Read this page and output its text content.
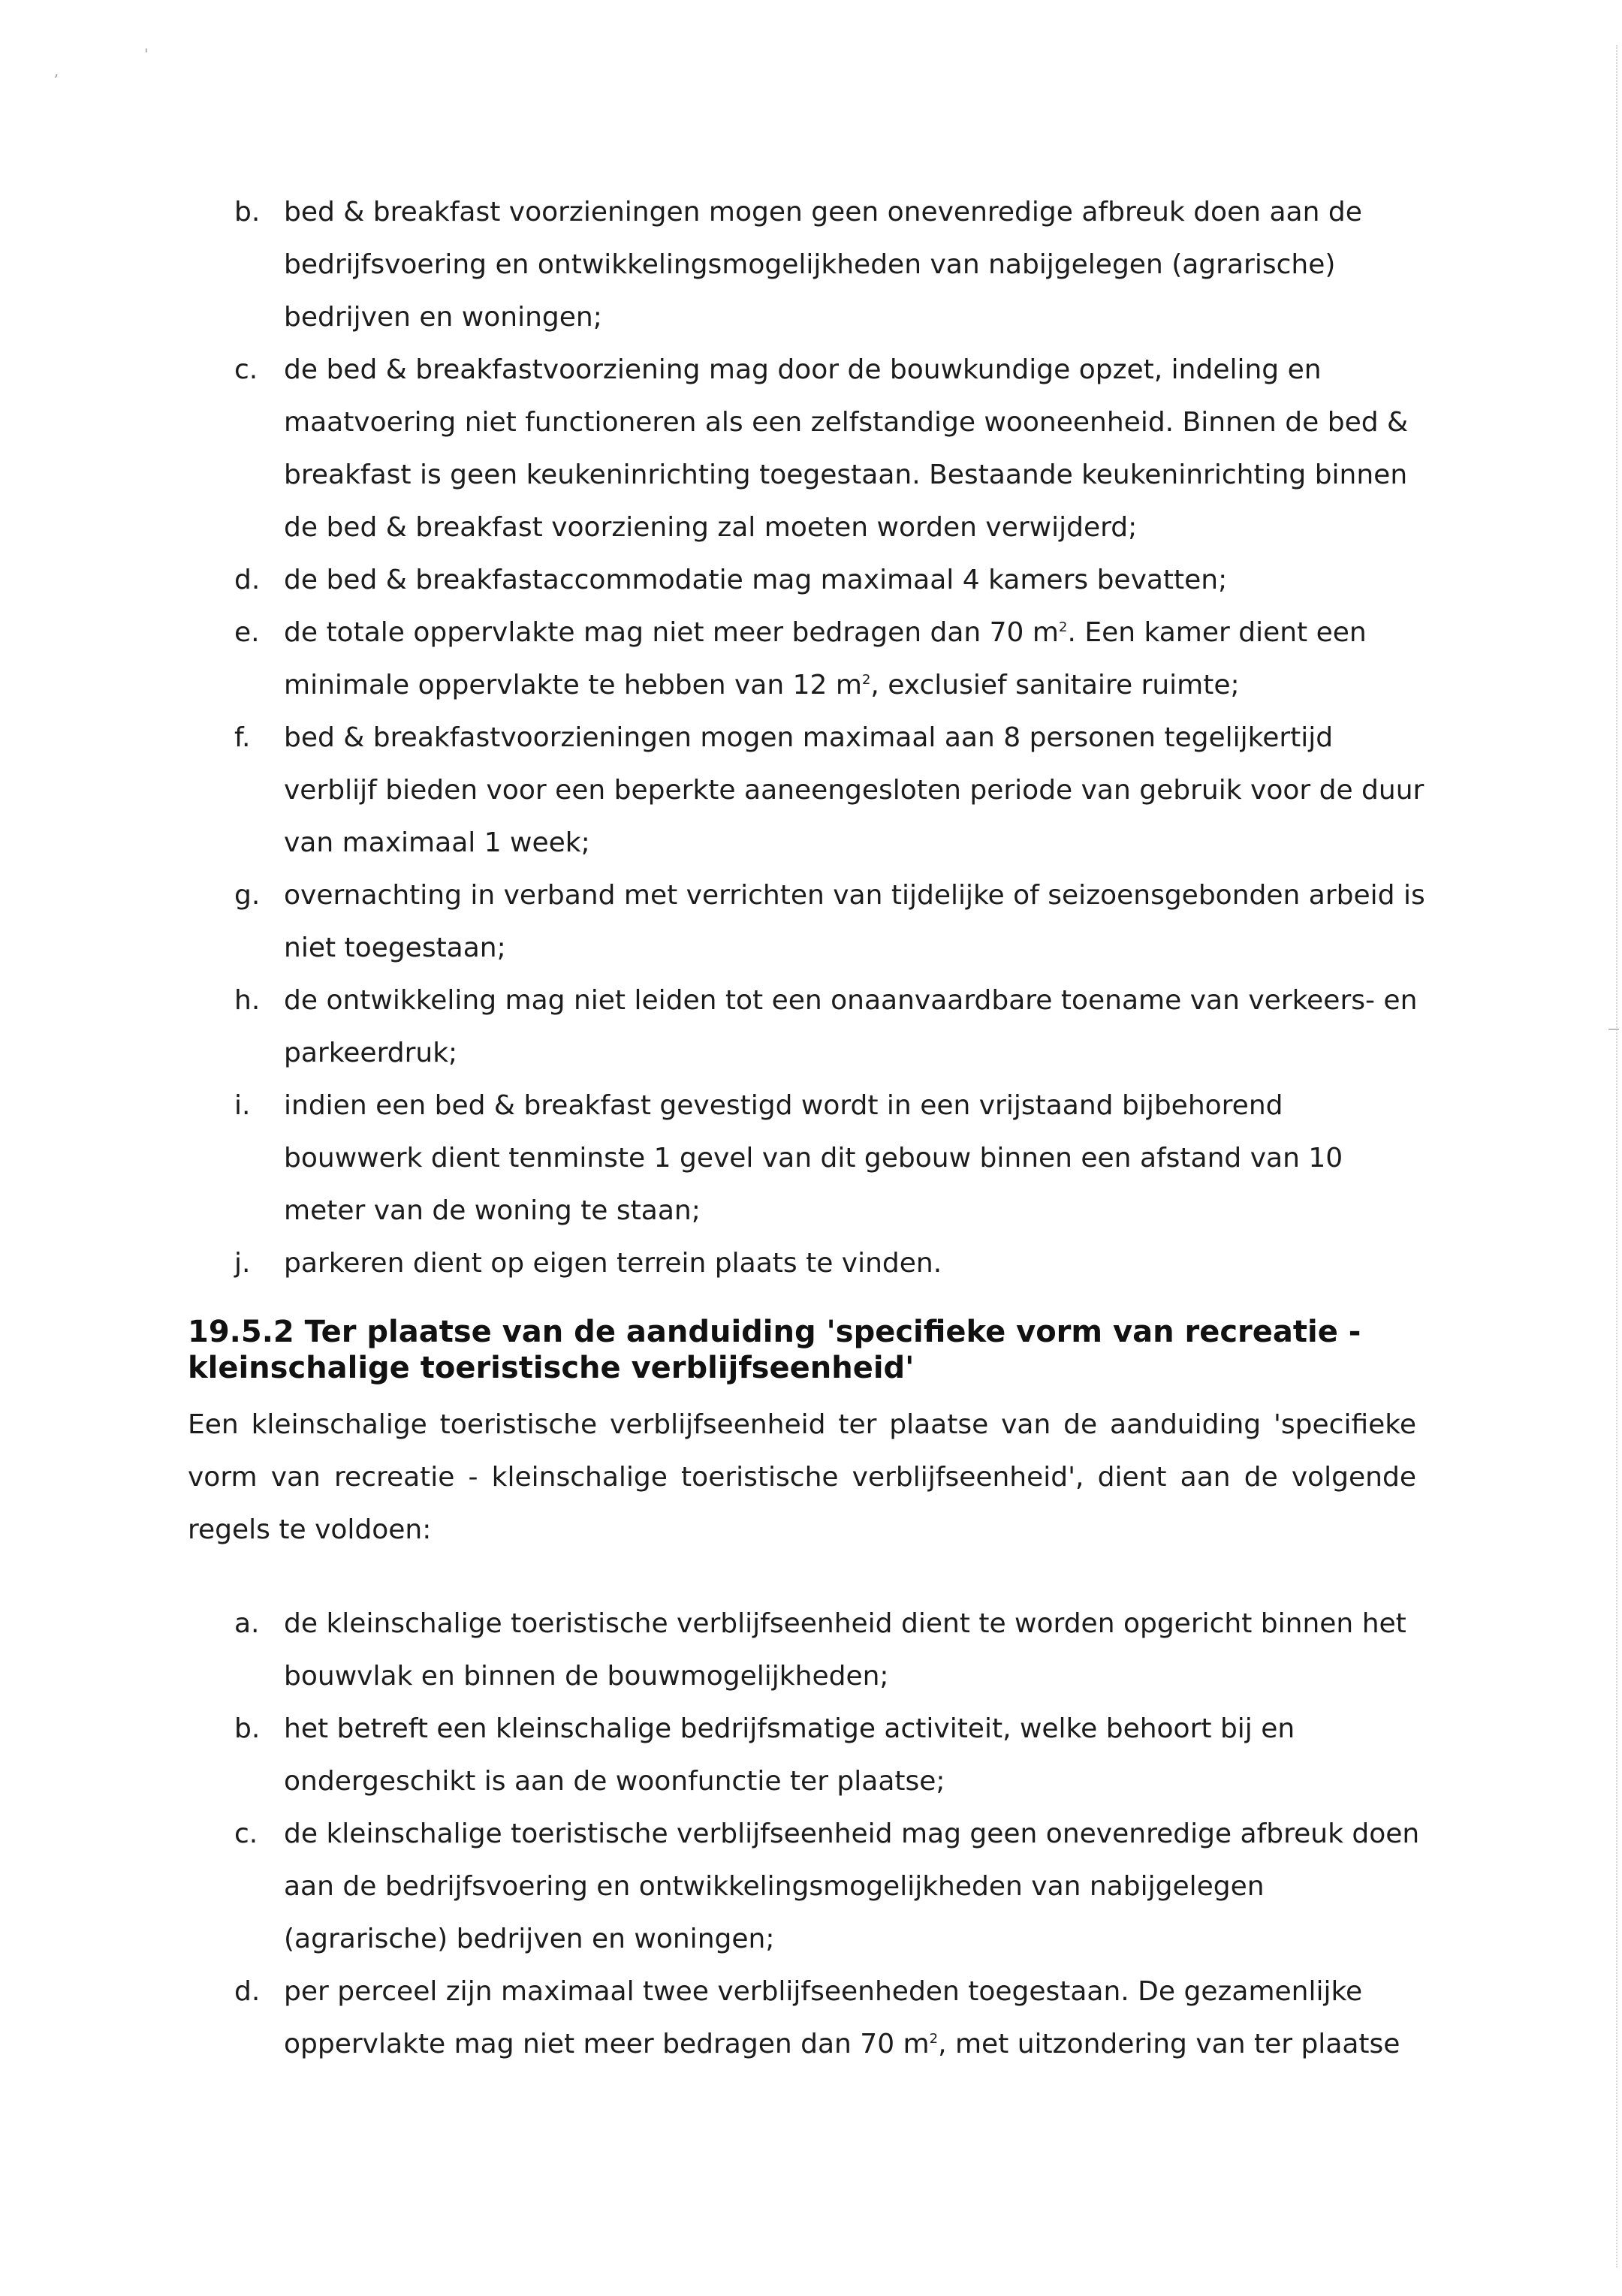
'
,
b. bed & breakfast voorzieningen mogen geen onevenredige afbreuk doen aan de bedrijfsvoering en ontwikkelingsmogelijkheden van nabijgelegen (agrarische) bedrijven en woningen;
c. de bed & breakfastvoorziening mag door de bouwkundige opzet, indeling en maatvoering niet functioneren als een zelfstandige wooneenheid. Binnen de bed & breakfast is geen keukeninrichting toegestaan. Bestaande keukeninrichting binnen de bed & breakfast voorziening zal moeten worden verwijderd;
d. de bed & breakfastaccommodatie mag maximaal 4 kamers bevatten;
e. de totale oppervlakte mag niet meer bedragen dan 70 $m^2$. Een kamer dient een minimale oppervlakte te hebben van 12 $m^2$, exclusief sanitaire ruimte;
f. bed & breakfastvoorzieningen mogen maximaal aan 8 personen tegelijkertijd verblijf bieden voor een beperkte aaneengesloten periode van gebruik voor de duur van maximaal 1 week;
g. overnachting in verband met verrichten van tijdelijke of seizoensgebonden arbeid is niet toegestaan;
h. de ontwikkeling mag niet leiden tot een onaanvaardbare toename van verkeers- en parkeerdruk;
i. indien een bed & breakfast gevestigd wordt in een vrijstaand bijbehorend bouwwerk dient tenminste 1 gevel van dit gebouw binnen een afstand van 10 meter van de woning te staan;
j. parkeren dient op eigen terrein plaats te vinden.
19.5.2 Ter plaatse van de aanduiding 'specifieke vorm van recreatie - kleinschalige toeristische verblijfseenheid'

Een kleinschalige toeristische verblijfseenheid ter plaatse van de aanduiding 'specifieke vorm van recreatie - kleinschalige toeristische verblijfseenheid', dient aan de volgende regels te voldoen:

a. de kleinschalige toeristische verblijfseenheid dient te worden opgericht binnen het bouwvlak en binnen de bouwmogelijkheden;
b. het betreft een kleinschalige bedrijfsmatige activiteit, welke behoort bij en ondergeschikt is aan de woonfunctie ter plaatse;
c. de kleinschalige toeristische verblijfseenheid mag geen onevenredige afbreuk doen aan de bedrijfsvoering en ontwikkelingsmogelijkheden van nabijgelegen (agrarische) bedrijven en woningen;
d. per perceel zijn maximaal twee verblijfseenheden toegestaan. De gezamenlijke oppervlakte mag niet meer bedragen dan 70 $m^2$, met uitzondering van ter plaatse
